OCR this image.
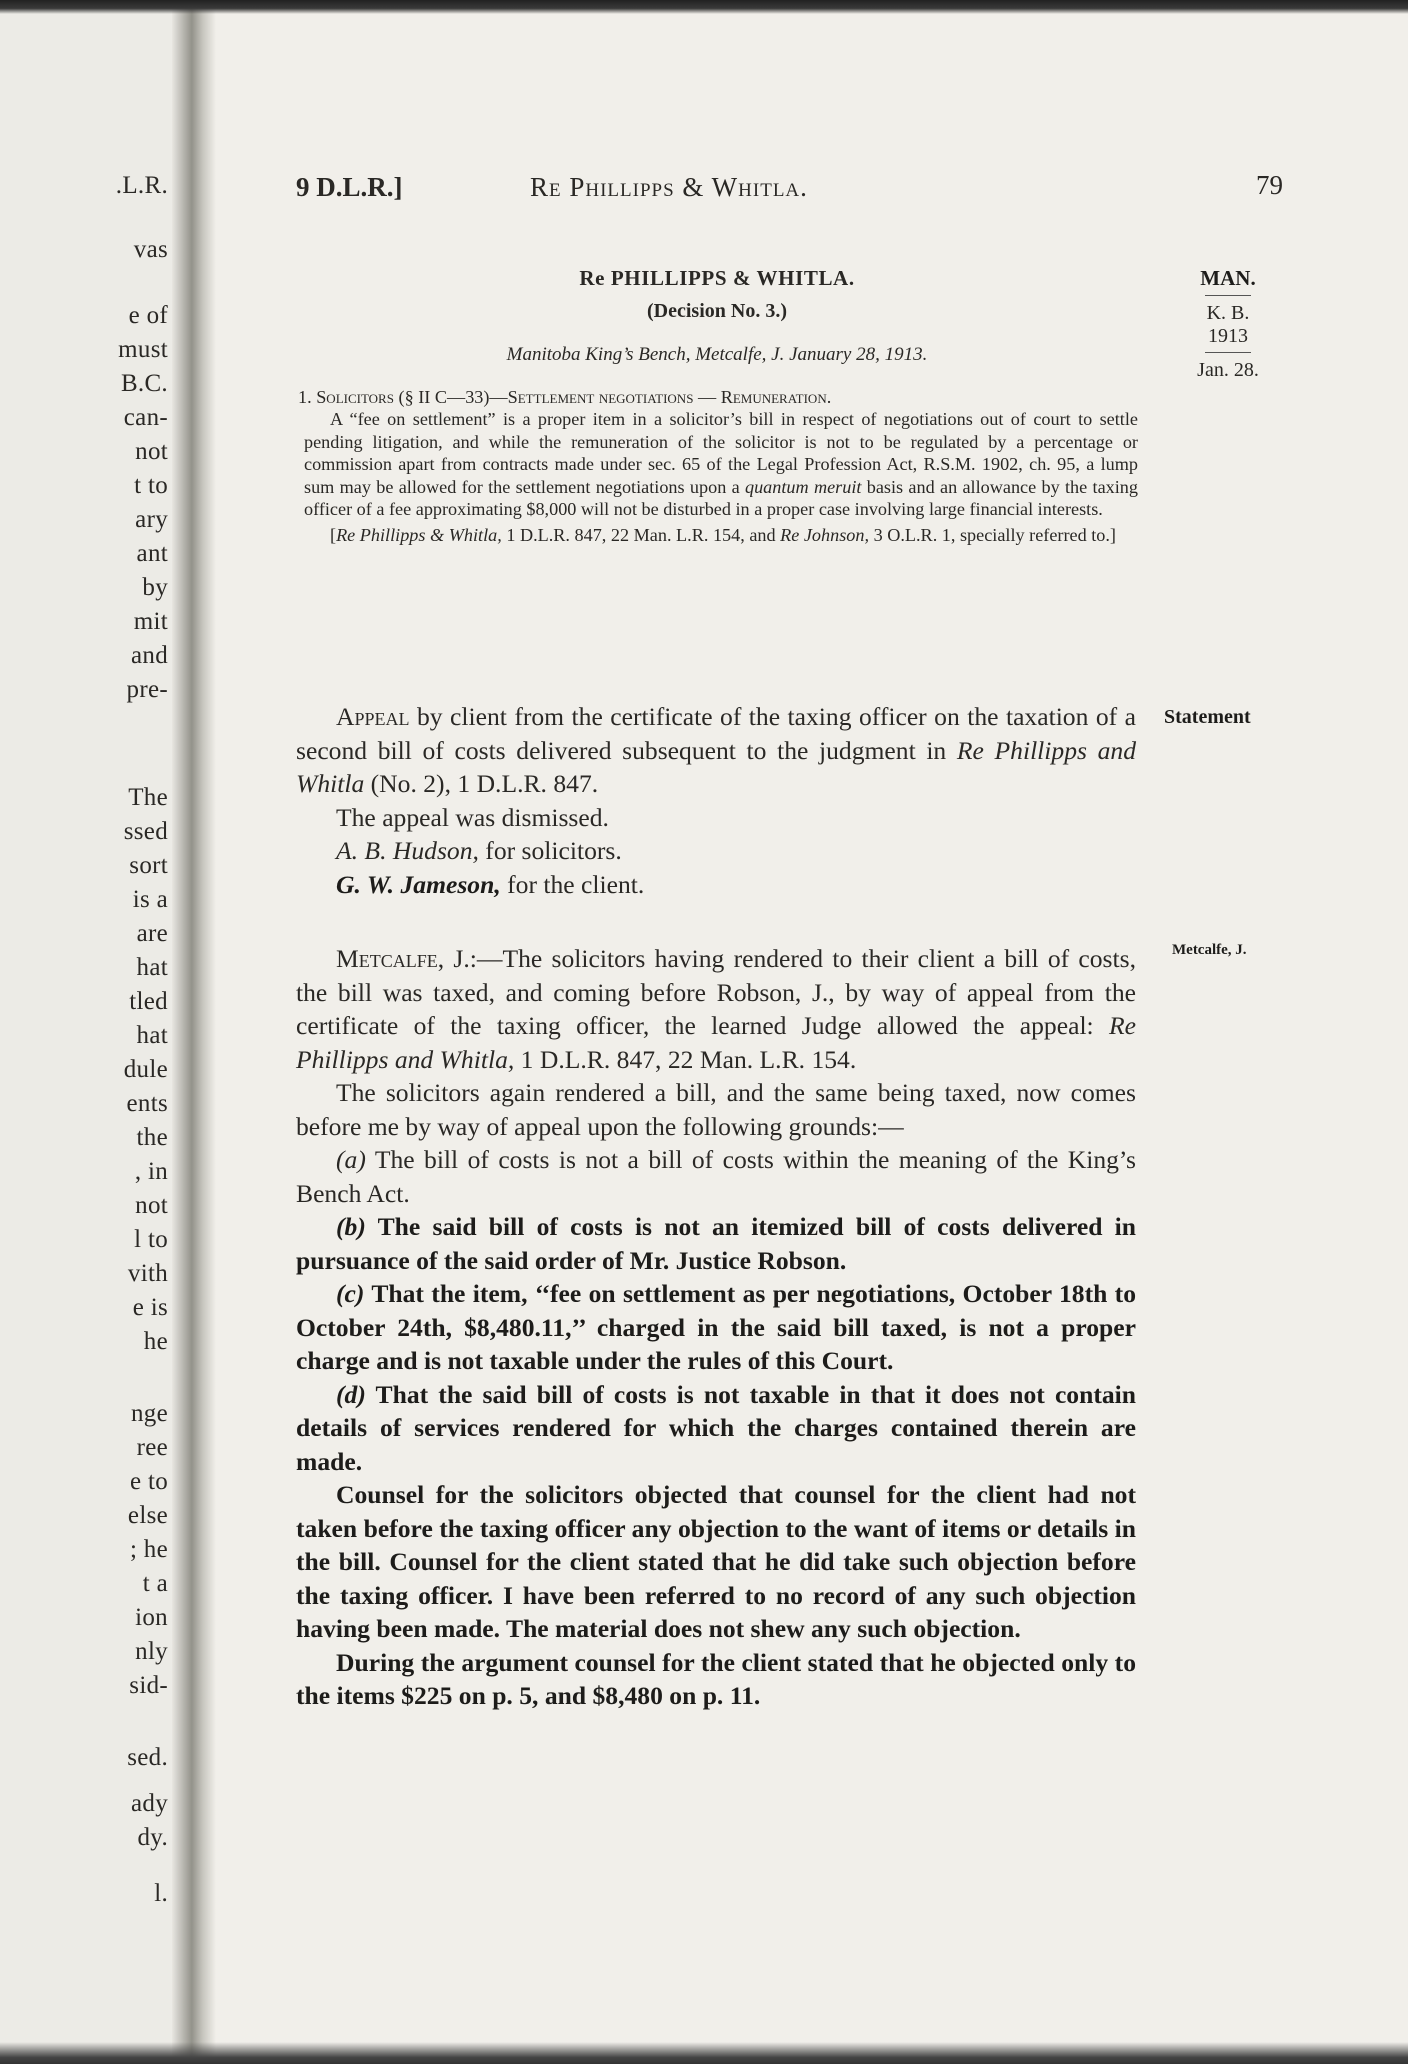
.L.R.
vas
e of
must
B.C.
can-
not
t to
ary
ant
by
mit
and
pre-
The
ssed
sort
is a
are
hat
tled
hat
dule
ents
the
, in
not
l to
vith
e is
he
nge
ree
e to
else
; he
t a
ion
nly
sid-
sed.
ady
dy.
l.
9 D.L.R.]	Re Phillipps & Whitla.	79
Re PHILLIPPS & WHITLA.
(Decision No. 3.)
Manitoba King’s Bench, Metcalfe, J. January 28, 1913.
MAN.
K. B.
1913
Jan. 28.
Statement
Metcalfe, J.

1. Solicitors (§ II C—33)—Settlement negotiations — Remuneration.

A “fee on settlement” is a proper item in a solicitor’s bill in respect of negotiations out of court to settle pending litigation, and while the remuneration of the solicitor is not to be regulated by a percentage or commission apart from contracts made under sec. 65 of the Legal Profession Act, R.S.M. 1902, ch. 95, a lump sum may be allowed for the settlement negotiations upon a quantum meruit basis and an allowance by the taxing officer of a fee approximating $8,000 will not be disturbed in a proper case involving large financial interests.

[Re Phillipps & Whitla, 1 D.L.R. 847, 22 Man. L.R. 154, and Re Johnson, 3 O.L.R. 1, specially referred to.]

Appeal by client from the certificate of the taxing officer on the taxation of a second bill of costs delivered subsequent to the judgment in Re Phillipps and Whitla (No. 2), 1 D.L.R. 847.

The appeal was dismissed.

A. B. Hudson, for solicitors.

G. W. Jameson, for the client.

Metcalfe, J.:—The solicitors having rendered to their client a bill of costs, the bill was taxed, and coming before Robson, J., by way of appeal from the certificate of the taxing officer, the learned Judge allowed the appeal: Re Phillipps and Whitla, 1 D.L.R. 847, 22 Man. L.R. 154.

The solicitors again rendered a bill, and the same being taxed, now comes before me by way of appeal upon the following grounds:—

(a) The bill of costs is not a bill of costs within the meaning of the King’s Bench Act.

(b) The said bill of costs is not an itemized bill of costs delivered in pursuance of the said order of Mr. Justice Robson.

(c) That the item, ‘‘fee on settlement as per negotiations, October 18th to October 24th, $8,480.11,’’ charged in the said bill taxed, is not a proper charge and is not taxable under the rules of this Court.

(d) That the said bill of costs is not taxable in that it does not contain details of services rendered for which the charges contained therein are made.

Counsel for the solicitors objected that counsel for the client had not taken before the taxing officer any objection to the want of items or details in the bill. Counsel for the client stated that he did take such objection before the taxing officer. I have been referred to no record of any such objection having been made. The material does not shew any such objection.

During the argument counsel for the client stated that he objected only to the items $225 on p. 5, and $8,480 on p. 11.
